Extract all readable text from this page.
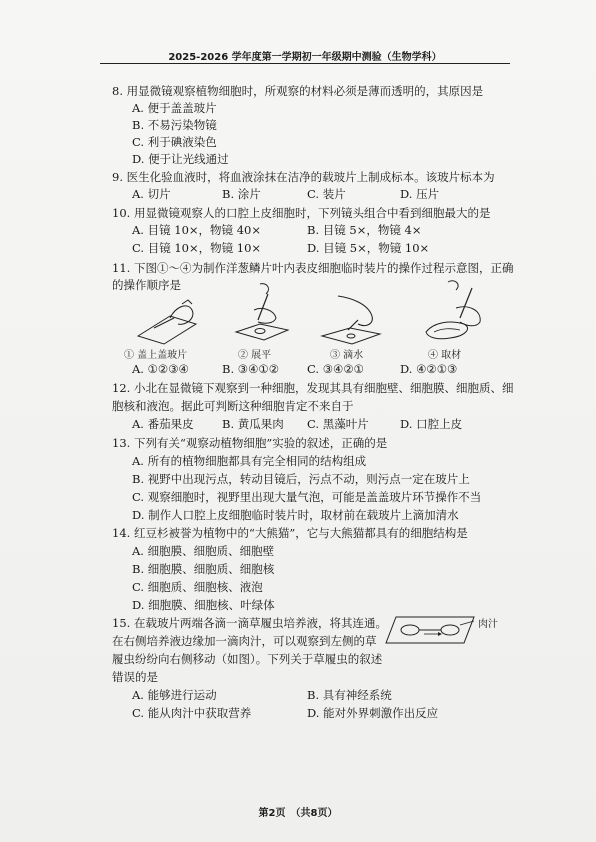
2025-2026 学年度第一学期初一年级期中测验（生物学科）
8. 用显微镜观察植物细胞时，所观察的材料必须是薄而透明的，其原因是
A. 便于盖盖玻片
B. 不易污染物镜
C. 利于碘液染色
D. 便于让光线通过
9. 医生化验血液时，将血液涂抹在洁净的载玻片上制成标本。该玻片标本为
A. 切片	B. 涂片	C. 装片	D. 压片
10. 用显微镜观察人的口腔上皮细胞时，下列镜头组合中看到细胞最大的是
A. 目镜 10×，物镜 40×	B. 目镜 5×，物镜 4×
C. 目镜 10×，物镜 10×	D. 目镜 5×，物镜 10×
11. 下图①～④为制作洋葱鳞片叶内表皮细胞临时装片的操作过程示意图，正确
的操作顺序是
① 盖上盖玻片	② 展平	③ 滴水	④ 取材
A. ①②③④	B. ③④①② C. ③④②①	D. ④②①③
12. 小北在显微镜下观察到一种细胞，发现其具有细胞壁、细胞膜、细胞质、细
胞核和液泡。据此可判断这种细胞肯定不来自于
A. 番茄果皮 B. 黄瓜果肉 C. 黑藻叶片	D. 口腔上皮
13. 下列有关“观察动植物细胞”实验的叙述，正确的是
A. 所有的植物细胞都具有完全相同的结构组成
B. 视野中出现污点，转动目镜后，污点不动，则污点一定在玻片上
C. 观察细胞时，视野里出现大量气泡，可能是盖盖玻片环节操作不当
D. 制作人口腔上皮细胞临时装片时，取材前在载玻片上滴加清水
14. 红豆杉被誉为植物中的“大熊猫”，它与大熊猫都具有的细胞结构是
A. 细胞膜、细胞质、细胞壁
B. 细胞膜、细胞质、细胞核
C. 细胞质、细胞核、液泡
D. 细胞膜、细胞核、叶绿体
15. 在载玻片两端各滴一滴草履虫培养液，将其连通。
在右侧培养液边缘加一滴肉汁，可以观察到左侧的草
履虫纷纷向右侧移动（如图）。下列关于草履虫的叙述
错误的是
肉汁
A. 能够进行运动	B. 具有神经系统
C. 能从肉汁中获取营养	D. 能对外界刺激作出反应
第2页　（共8页）
